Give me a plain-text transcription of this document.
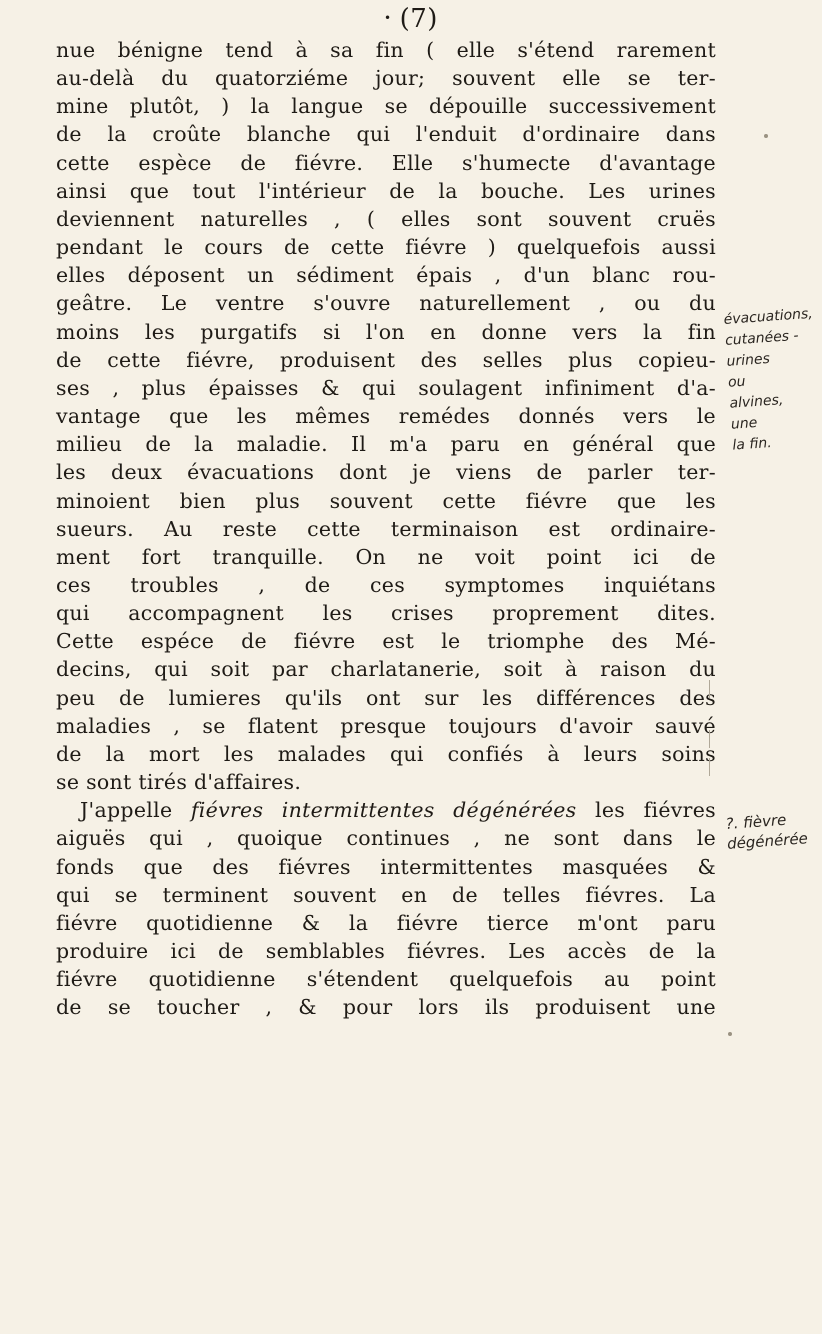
• (7)
nue bénigne tend à sa fin ( elle s'étend rarement
au-delà du quatorziéme jour; souvent elle se ter-
mine plutôt, ) la langue se dépouille successivement
de la croûte blanche qui l'enduit d'ordinaire dans
cette espèce de fiévre. Elle s'humecte d'avantage
ainsi que tout l'intérieur de la bouche. Les urines
deviennent naturelles , ( elles sont souvent cruës
pendant le cours de cette fiévre ) quelquefois aussi
elles déposent un sédiment épais , d'un blanc rou-
geâtre. Le ventre s'ouvre naturellement , ou du
moins les purgatifs si l'on en donne vers la fin
de cette fiévre, produisent des selles plus copieu-
ses , plus épaisses & qui soulagent infiniment d'a-
vantage que les mêmes remédes donnés vers le
milieu de la maladie. Il m'a paru en général que
les deux évacuations dont je viens de parler ter-
minoient bien plus souvent cette fiévre que les
sueurs. Au reste cette terminaison est ordinaire-
ment fort tranquille. On ne voit point ici de
ces troubles , de ces symptomes inquiétans
qui accompagnent les crises proprement dites.
Cette espéce de fiévre est le triomphe des Mé-
decins, qui soit par charlatanerie, soit à raison du
peu de lumieres qu'ils ont sur les différences des
maladies , se flatent presque toujours d'avoir sauvé
de la mort les malades qui confiés à leurs soins
se sont tirés d'affaires.
J'appelle fiévres intermittentes dégénérées les fiévres
aiguës qui , quoique continues , ne sont dans le
fonds que des fiévres intermittentes masquées &
qui se terminent souvent en de telles fiévres. La
fiévre quotidienne & la fiévre tierce m'ont paru
produire ici de semblables fiévres. Les accès de la
fiévre quotidienne s'étendent quelquefois au point
de se toucher , & pour lors ils produisent une
évacuations,
cutanées -
urines
ou alvines, une
la fin.
?. fièvre dégénérée
